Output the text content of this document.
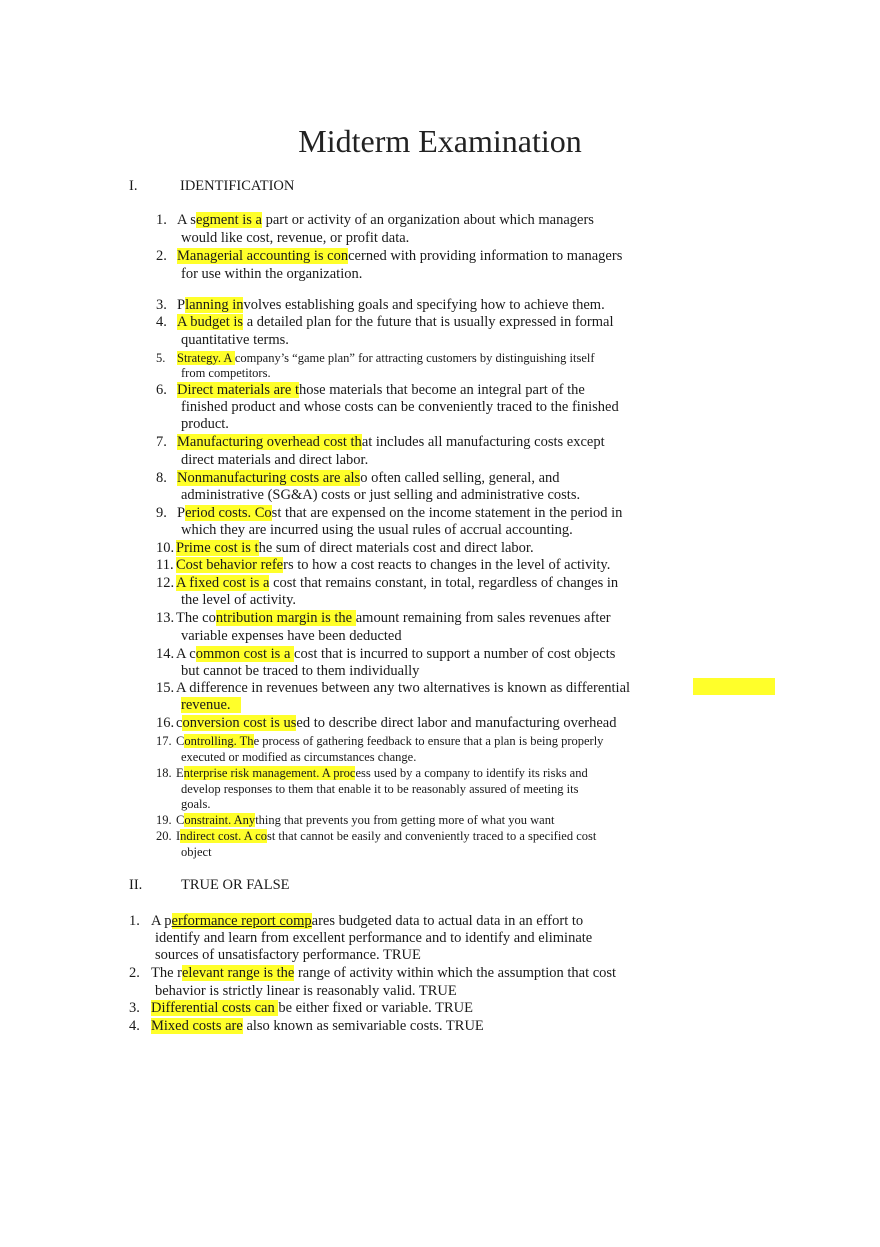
Midterm Examination
I.	IDENTIFICATION
1. A segment is a part or activity of an organization about which managers
would like cost, revenue, or profit data.
2. Managerial accounting is concerned with providing information to managers
for use within the organization.
3. Planning involves establishing goals and specifying how to achieve them.
4. A budget is a detailed plan for the future that is usually expressed in formal
quantitative terms.
5. Strategy. A company’s “game plan” for attracting customers by distinguishing itself
from competitors.
6. Direct materials are those materials that become an integral part of the
finished product and whose costs can be conveniently traced to the finished
product.
7. Manufacturing overhead cost that includes all manufacturing costs except
direct materials and direct labor.
8. Nonmanufacturing costs are also often called selling, general, and
administrative (SG&A) costs or just selling and administrative costs.
9. Period costs. Cost that are expensed on the income statement in the period in
which they are incurred using the usual rules of accrual accounting.
10. Prime cost is the sum of direct materials cost and direct labor.
11. Cost behavior refers to how a cost reacts to changes in the level of activity.
12. A fixed cost is a cost that remains constant, in total, regardless of changes in
the level of activity.
13. The contribution margin is the amount remaining from sales revenues after
variable expenses have been deducted
14. A common cost is a cost that is incurred to support a number of cost objects
but cannot be traced to them individually
15. A difference in revenues between any two alternatives is known as differential
revenue.
16. conversion cost is used to describe direct labor and manufacturing overhead
17. Controlling. The process of gathering feedback to ensure that a plan is being properly
executed or modified as circumstances change.
18. Enterprise risk management. A process used by a company to identify its risks and
develop responses to them that enable it to be reasonably assured of meeting its
goals.
19. Constraint. Anything that prevents you from getting more of what you want
20. Indirect cost. A cost that cannot be easily and conveniently traced to a specified cost
object
II.	TRUE OR FALSE
1. A performance report compares budgeted data to actual data in an effort to
identify and learn from excellent performance and to identify and eliminate
sources of unsatisfactory performance. TRUE
2. The relevant range is the range of activity within which the assumption that cost
behavior is strictly linear is reasonably valid. TRUE
3. Differential costs can be either fixed or variable. TRUE
4. Mixed costs are also known as semivariable costs. TRUE
